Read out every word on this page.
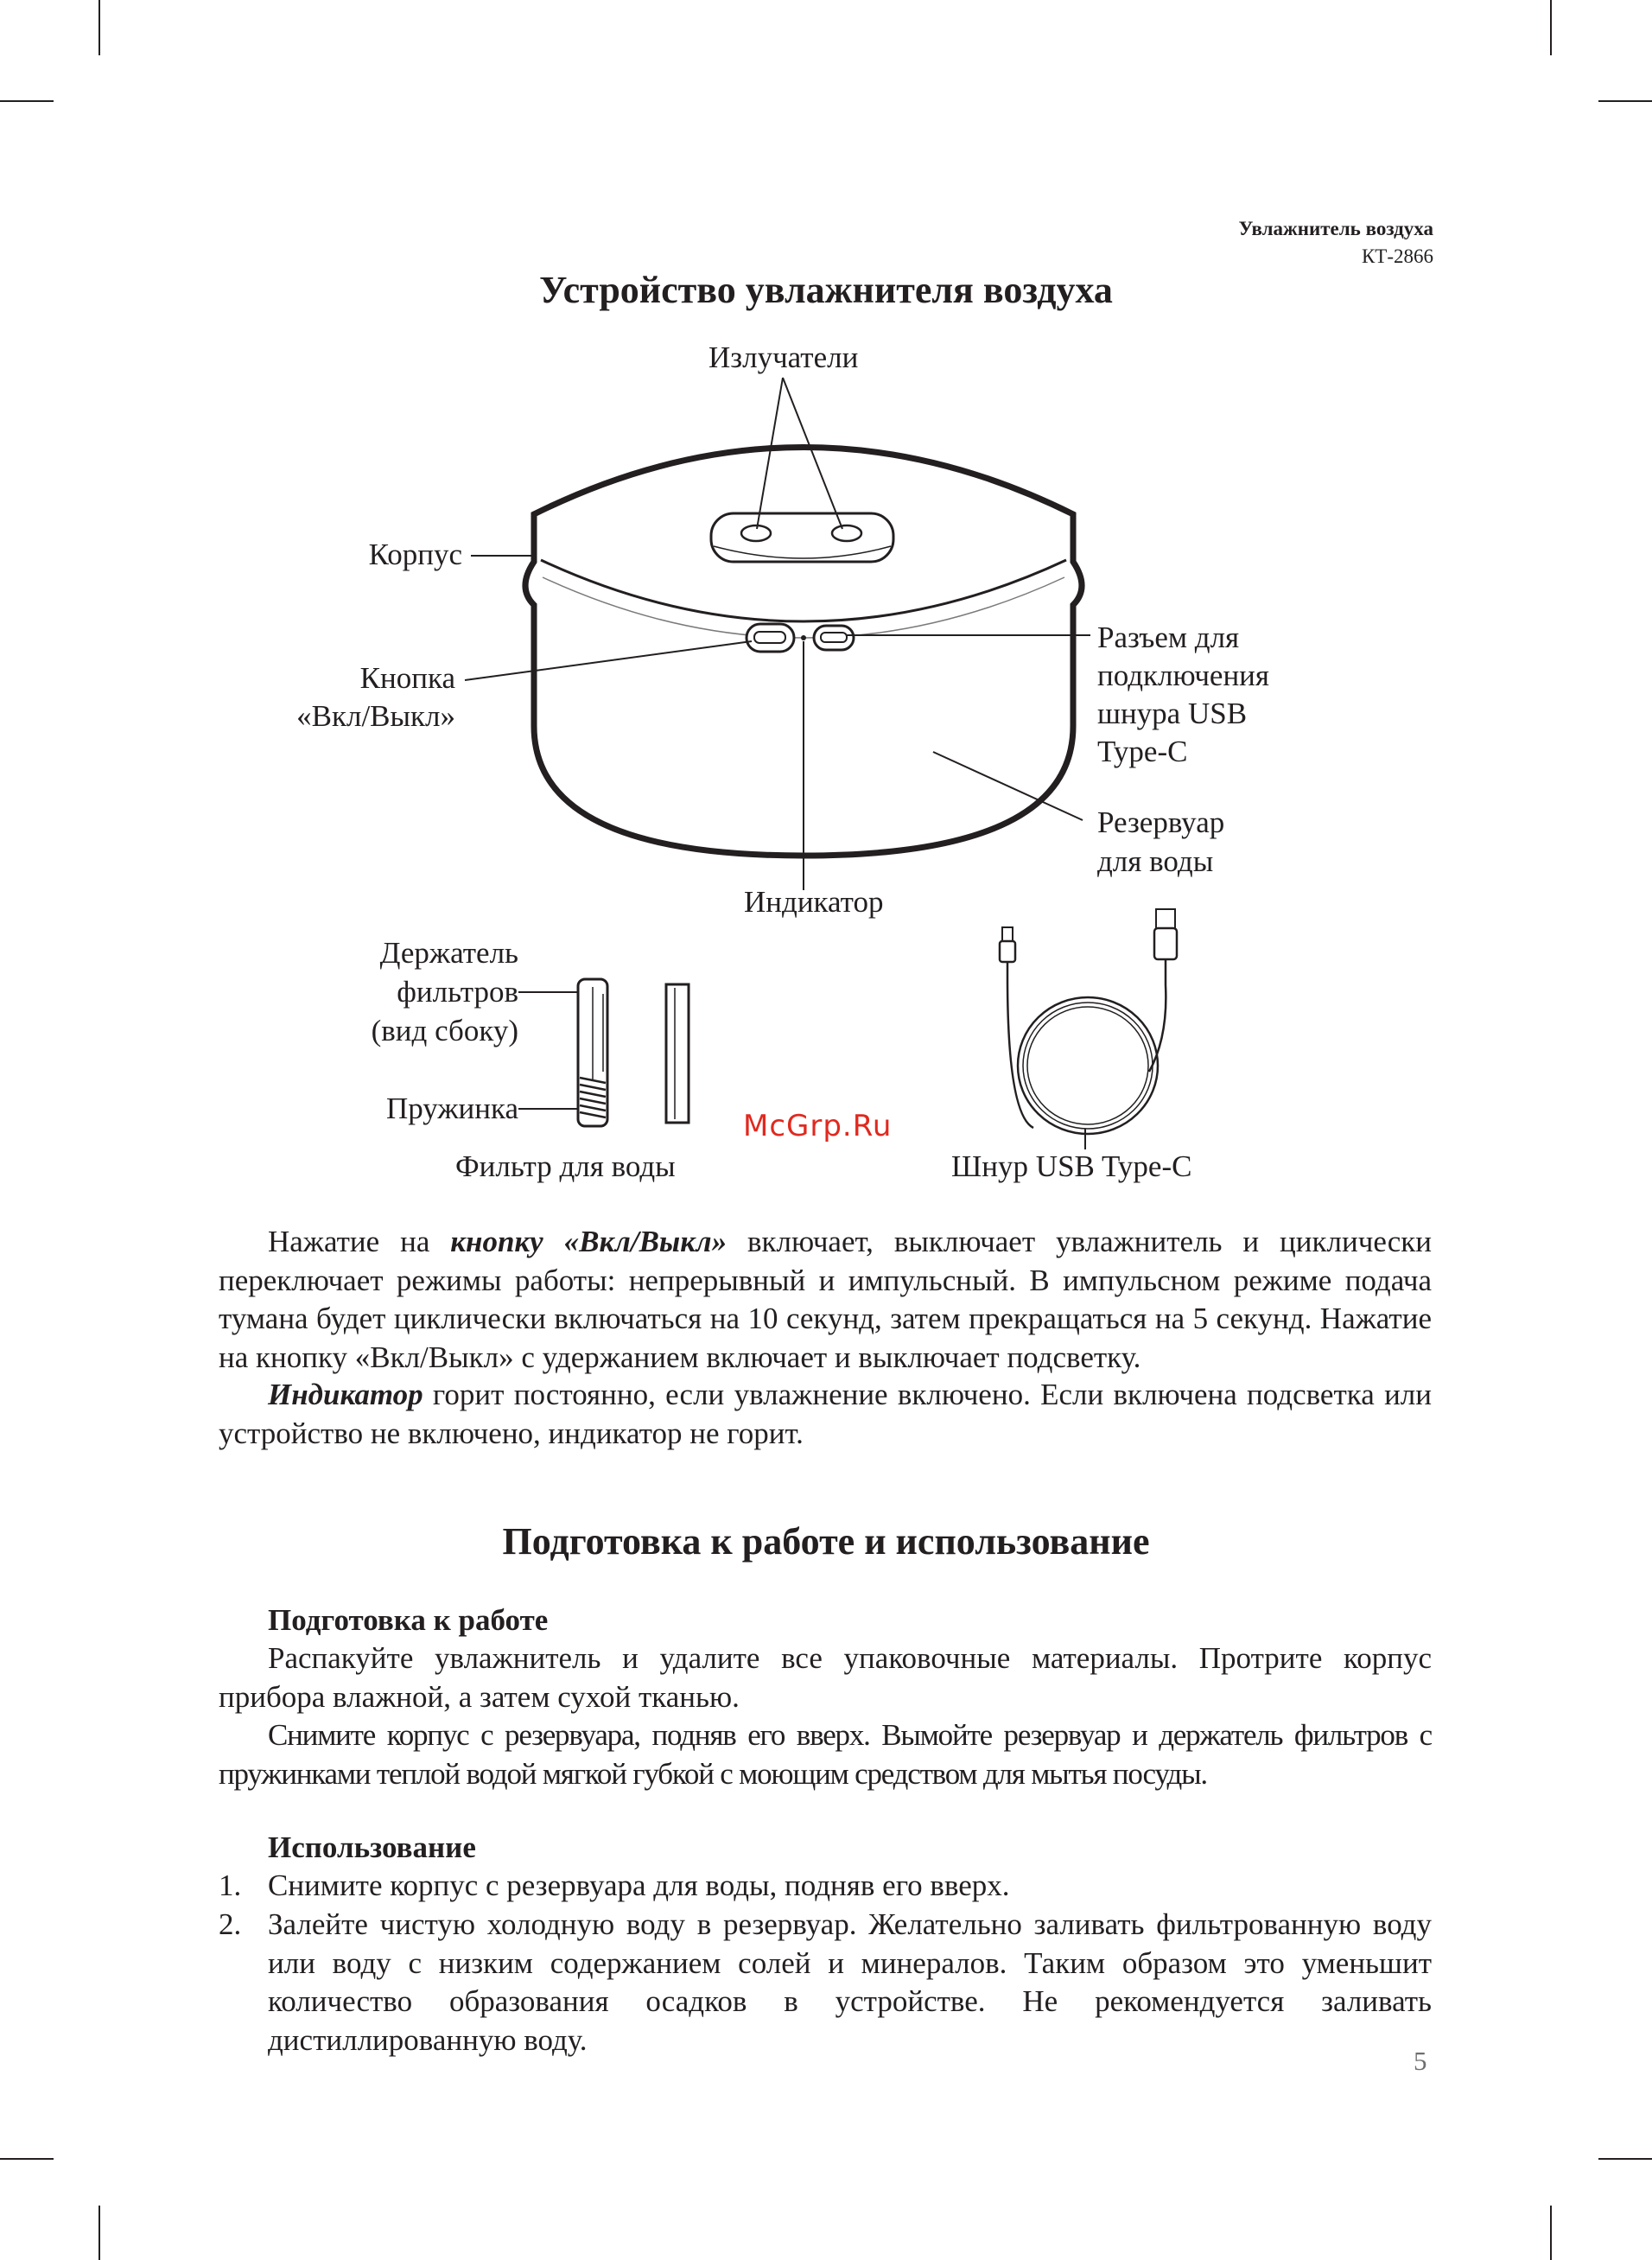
Увлажнитель воздуха
КТ-2866
Устройство увлажнителя воздуха
Излучатели
Корпус
Кнопка
«Вкл/Выкл»
Разъем для
подключения
шнура USB
Type-C
Резервуар
для воды
Индикатор
Держатель
фильтров
(вид сбоку)
Пружинка
Фильтр для воды	Шнур USB Type-C
McGrp.Ru
Нажатие на кнопку «Вкл/Выкл» включает, выключает увлажнитель и циклически переключает режимы работы: непрерывный и импульсный. В импульсном режиме подача тумана будет циклически включаться на 10 секунд, затем прекращаться на 5 секунд. Нажатие на кнопку «Вкл/Выкл» с удержанием включает и выключает подсветку.
Индикатор горит постоянно, если увлажнение включено. Если включена подсветка или устройство не включено, индикатор не горит.
Подготовка к работе и использование
Подготовка к работе
Распакуйте увлажнитель и удалите все упаковочные материалы. Протрите корпус прибора влажной, а затем сухой тканью.
Снимите корпус с резервуара, подняв его вверх. Вымойте резервуар и держатель фильтров с пружинками теплой водой мягкой губкой с моющим средством для мытья посуды.
Использование
1. Снимите корпус с резервуара для воды, подняв его вверх.
2. Залейте чистую холодную воду в резервуар. Желательно заливать фильтрованную воду или воду с низким содержанием солей и минералов. Таким образом это уменьшит количество образования осадков в устройстве. Не рекомендуется заливать дистиллированную воду.
5
